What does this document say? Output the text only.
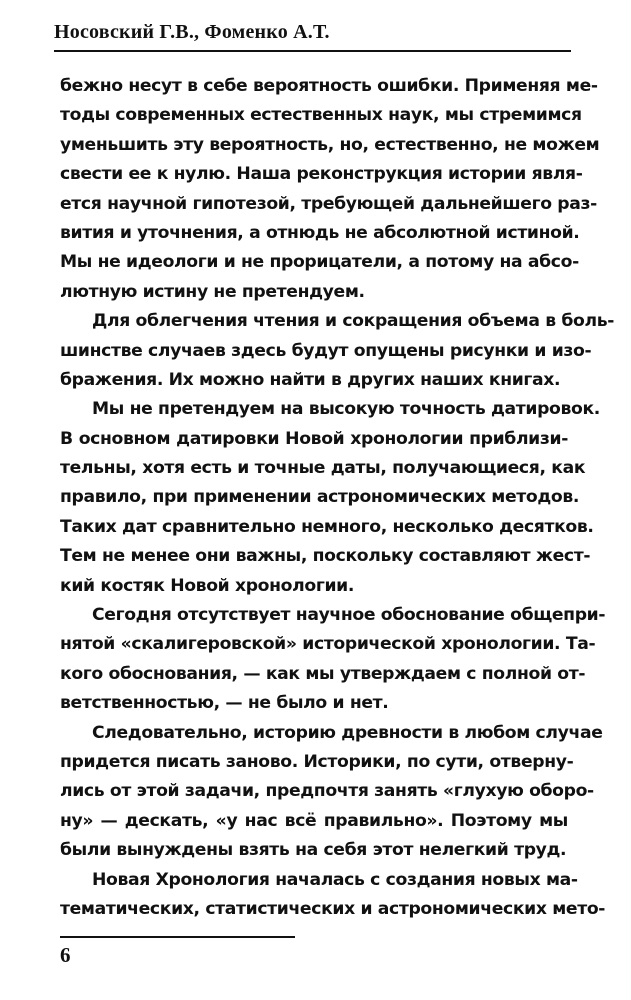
Носовский Г.В., Фоменко А.Т.
бежно несут в себе вероятность ошибки. Применяя ме-
тоды современных естественных наук, мы стремимся
уменьшить эту вероятность, но, естественно, не можем
свести ее к нулю. Наша реконструкция истории явля-
ется научной гипотезой, требующей дальнейшего раз-
вития и уточнения, а отнюдь не абсолютной истиной.
Мы не идеологи и не прорицатели, а потому на абсо-
лютную истину не претендуем.
Для облегчения чтения и сокращения объема в боль-
шинстве случаев здесь будут опущены рисунки и изо-
бражения. Их можно найти в других наших книгах.
Мы не претендуем на высокую точность датировок.
В основном датировки Новой хронологии приблизи-
тельны, хотя есть и точные даты, получающиеся, как
правило, при применении астрономических методов.
Таких дат сравнительно немного, несколько десятков.
Тем не менее они важны, поскольку составляют жест-
кий костяк Новой хронологии.
Сегодня отсутствует научное обоснование общепри-
нятой «скалигеровской» исторической хронологии. Та-
кого обоснования, — как мы утверждаем с полной от-
ветственностью, — не было и нет.
Следовательно, историю древности в любом случае
придется писать заново. Историки, по сути, отверну-
лись от этой задачи, предпочтя занять «глухую оборо-
ну» — дескать, «у нас всё правильно». Поэтому мы
были вынуждены взять на себя этот нелегкий труд.
Новая Хронология началась с создания новых ма-
тематических, статистических и астрономических мето-
6
